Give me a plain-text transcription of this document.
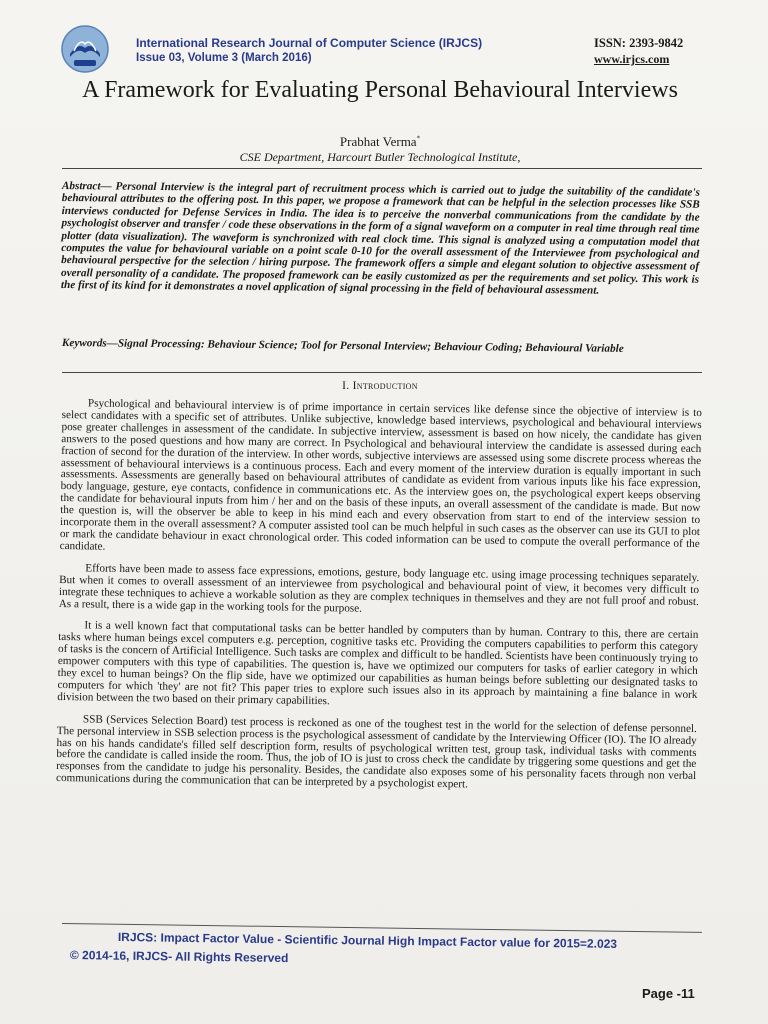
International Research Journal of Computer Science (IRJCS)
Issue 03, Volume 3 (March 2016)
ISSN: 2393-9842
www.irjcs.com
A Framework for Evaluating Personal Behavioural Interviews
Prabhat Verma*
CSE Department, Harcourt Butler Technological Institute,
Abstract— Personal Interview is the integral part of recruitment process which is carried out to judge the suitability of the candidate's behavioural attributes to the offering post. In this paper, we propose a framework that can be helpful in the selection processes like SSB interviews conducted for Defense Services in India. The idea is to perceive the nonverbal communications from the candidate by the psychologist observer and transfer / code these observations in the form of a signal waveform on a computer in real time through real time plotter (data visualization). The waveform is synchronized with real clock time. This signal is analyzed using a computation model that computes the value for behavioural variable on a point scale 0-10 for the overall assessment of the Interviewee from psychological and behavioural perspective for the selection / hiring purpose. The framework offers a simple and elegant solution to objective assessment of overall personality of a candidate. The proposed framework can be easily customized as per the requirements and set policy. This work is the first of its kind for it demonstrates a novel application of signal processing in the field of behavioural assessment.
Keywords—Signal Processing: Behaviour Science; Tool for Personal Interview; Behaviour Coding; Behavioural Variable
I. Introduction

Psychological and behavioural interview is of prime importance in certain services like defense since the objective of interview is to select candidates with a specific set of attributes. Unlike subjective, knowledge based interviews, psychological and behavioural interviews pose greater challenges in assessment of the candidate. In subjective interview, assessment is based on how nicely, the candidate has given answers to the posed questions and how many are correct. In Psychological and behavioural interview the candidate is assessed during each fraction of second for the duration of the interview. In other words, subjective interviews are assessed using some discrete process whereas the assessment of behavioural interviews is a continuous process. Each and every moment of the interview duration is equally important in such assessments. Assessments are generally based on behavioural attributes of candidate as evident from various inputs like his face expression, body language, gesture, eye contacts, confidence in communications etc. As the interview goes on, the psychological expert keeps observing the candidate for behavioural inputs from him / her and on the basis of these inputs, an overall assessment of the candidate is made. But now the question is, will the observer be able to keep in his mind each and every observation from start to end of the interview session to incorporate them in the overall assessment? A computer assisted tool can be much helpful in such cases as the observer can use its GUI to plot or mark the candidate behaviour in exact chronological order. This coded information can be used to compute the overall performance of the candidate.

Efforts have been made to assess face expressions, emotions, gesture, body language etc. using image processing techniques separately. But when it comes to overall assessment of an interviewee from psychological and behavioural point of view, it becomes very difficult to integrate these techniques to achieve a workable solution as they are complex techniques in themselves and they are not full proof and robust. As a result, there is a wide gap in the working tools for the purpose.

It is a well known fact that computational tasks can be better handled by computers than by human. Contrary to this, there are certain tasks where human beings excel computers e.g. perception, cognitive tasks etc. Providing the computers capabilities to perform this category of tasks is the concern of Artificial Intelligence. Such tasks are complex and difficult to be handled. Scientists have been continuously trying to empower computers with this type of capabilities. The question is, have we optimized our computers for tasks of earlier category in which they excel to human beings? On the flip side, have we optimized our capabilities as human beings before subletting our designated tasks to computers for which 'they' are not fit? This paper tries to explore such issues also in its approach by maintaining a fine balance in work division between the two based on their primary capabilities.

SSB (Services Selection Board) test process is reckoned as one of the toughest test in the world for the selection of defense personnel. The personal interview in SSB selection process is the psychological assessment of candidate by the Interviewing Officer (IO). The IO already has on his hands candidate's filled self description form, results of psychological written test, group task, individual tasks with comments before the candidate is called inside the room. Thus, the job of IO is just to cross check the candidate by triggering some questions and get the responses from the candidate to judge his personality. Besides, the candidate also exposes some of his personality facets through non verbal communications during the communication that can be interpreted by a psychologist expert.

IRJCS: Impact Factor Value - Scientific Journal High Impact Factor value for 2015=2.023
© 2014-16, IRJCS- All Rights Reserved
Page -11
